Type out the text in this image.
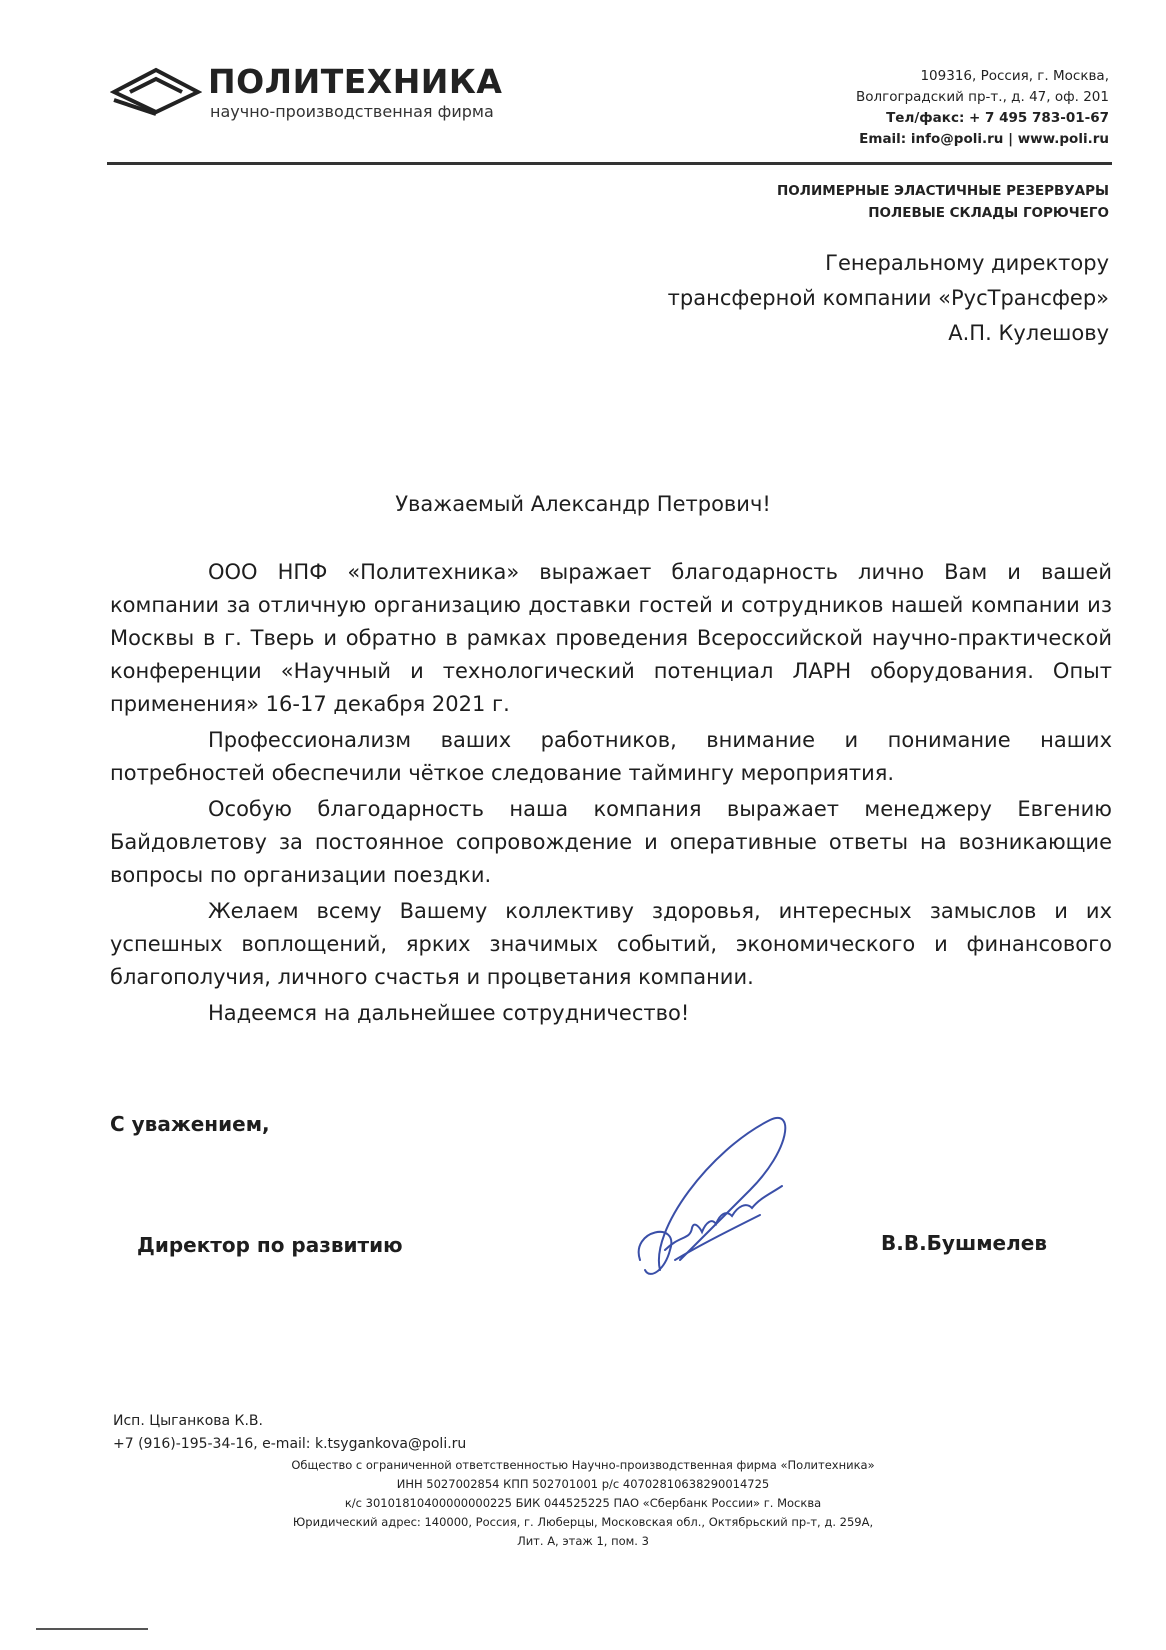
ПОЛИТЕХНИКА
научно-производственная фирма
109316, Россия, г. Москва,
Волгоградский пр-т., д. 47, оф. 201
Тел/факс: + 7 495 783-01-67
Email: info@poli.ru | www.poli.ru
ПОЛИМЕРНЫЕ ЭЛАСТИЧНЫЕ РЕЗЕРВУАРЫ
ПОЛЕВЫЕ СКЛАДЫ ГОРЮЧЕГО
Генеральному директору
трансферной компании «РусТрансфер»
А.П. Кулешову
Уважаемый Александр Петрович!

ООО НПФ «Политехника» выражает благодарность лично Вам и вашей компании за отличную организацию доставки гостей и сотрудников нашей компании из Москвы в г. Тверь и обратно в рамках проведения Всероссийской научно-практической конференции «Научный и технологический потенциал ЛАРН оборудования. Опыт применения» 16-17 декабря 2021 г.

Профессионализм ваших работников, внимание и понимание наших потребностей обеспечили чёткое следование таймингу мероприятия.

Особую благодарность наша компания выражает менеджеру Евгению Байдовлетову за постоянное сопровождение и оперативные ответы на возникающие вопросы по организации поездки.

Желаем всему Вашему коллективу здоровья, интересных замыслов и их успешных воплощений, ярких значимых событий, экономического и финансового благополучия, личного счастья и процветания компании.

Надеемся на дальнейшее сотрудничество!

С уважением,
Директор по развитию	В.В.Бушмелев
Исп. Цыганкова К.В.
+7 (916)-195-34-16, e-mail: k.tsygankova@poli.ru
Общество с ограниченной ответственностью Научно-производственная фирма «Политехника»
ИНН 5027002854 КПП 502701001 р/с 40702810638290014725
к/с 30101810400000000225 БИК 044525225 ПАО «Сбербанк России» г. Москва
Юридический адрес: 140000, Россия, г. Люберцы, Московская обл., Октябрьский пр-т, д. 259А,
Лит. А, этаж 1, пом. 3
